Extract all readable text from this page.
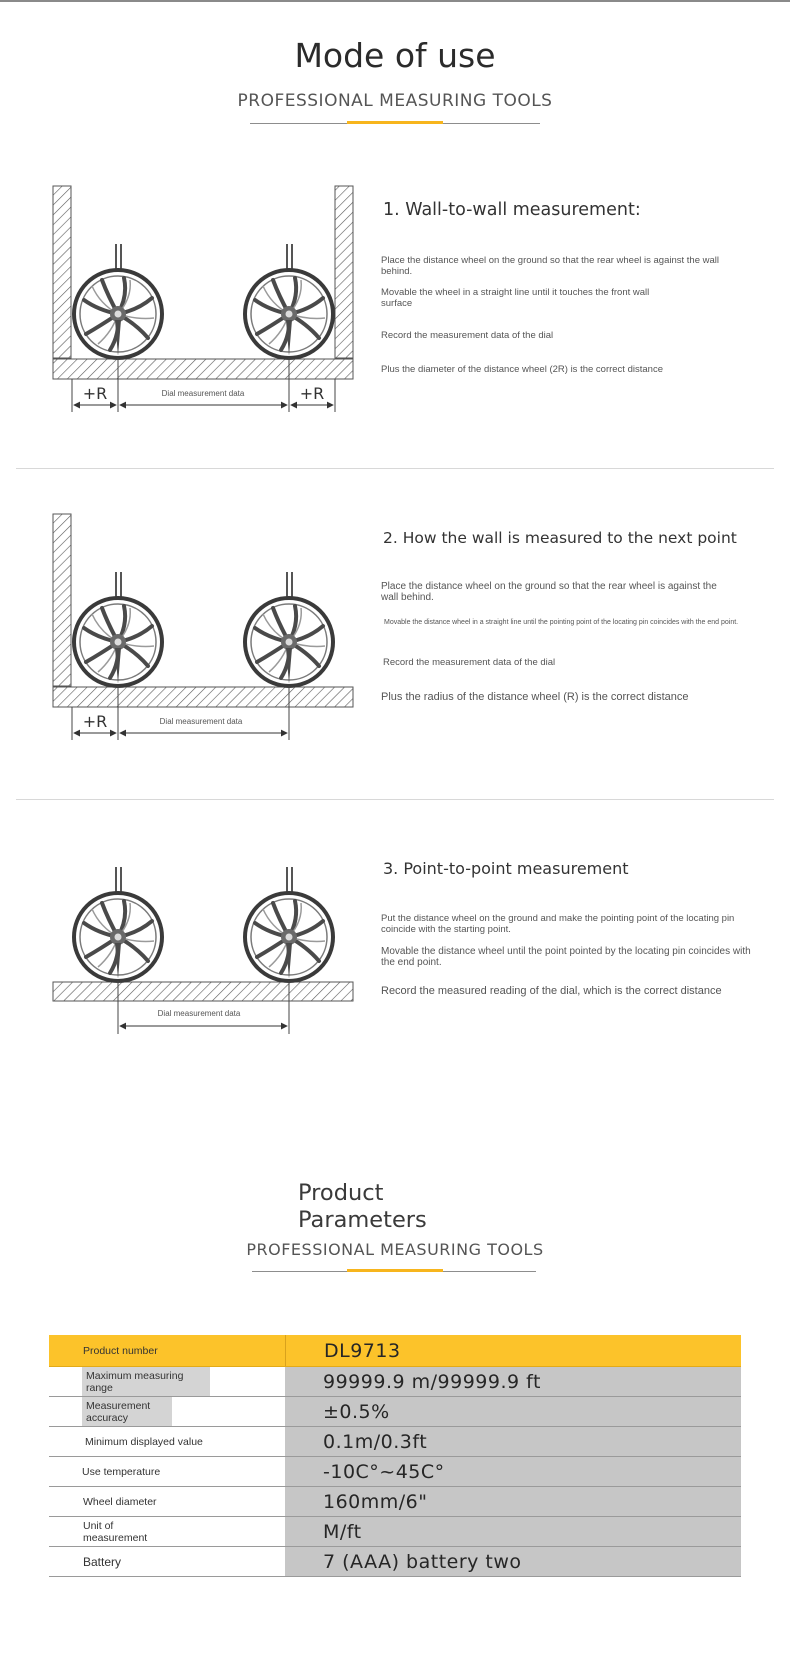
Mode of use
PROFESSIONAL MEASURING TOOLS
+R	Dial measurement data	+R
1. Wall-to-wall measurement:
Place the distance wheel on the ground so that the rear wheel is against the wall behind.
Movable the wheel in a straight line until it touches the front wall surface
Record the measurement data of the dial
Plus the diameter of the distance wheel (2R) is the correct distance
+R	Dial measurement data
2. How the wall is measured to the next point
Place the distance wheel on the ground so that the rear wheel is against the wall behind.
Movable the distance wheel in a straight line until the pointing point of the locating pin coincides with the end point.
Record the measurement data of the dial
Plus the radius of the distance wheel (R) is the correct distance
Dial measurement data
3. Point-to-point measurement
Put the distance wheel on the ground and make the pointing point of the locating pin coincide with the starting point.
Movable the distance wheel until the point pointed by the locating pin coincides with the end point.
Record the measured reading of the dial, which is the correct distance
Product
Parameters
PROFESSIONAL MEASURING TOOLS
Product number	DL9713
Maximum measuring range	99999.9 m/99999.9 ft
Measurement accuracy	±0.5%
Minimum displayed value	0.1m/0.3ft
Use temperature	-10C°~45C°
Wheel diameter	160mm/6"
Unit of measurement	M/ft
Battery	7 (AAA) battery two
